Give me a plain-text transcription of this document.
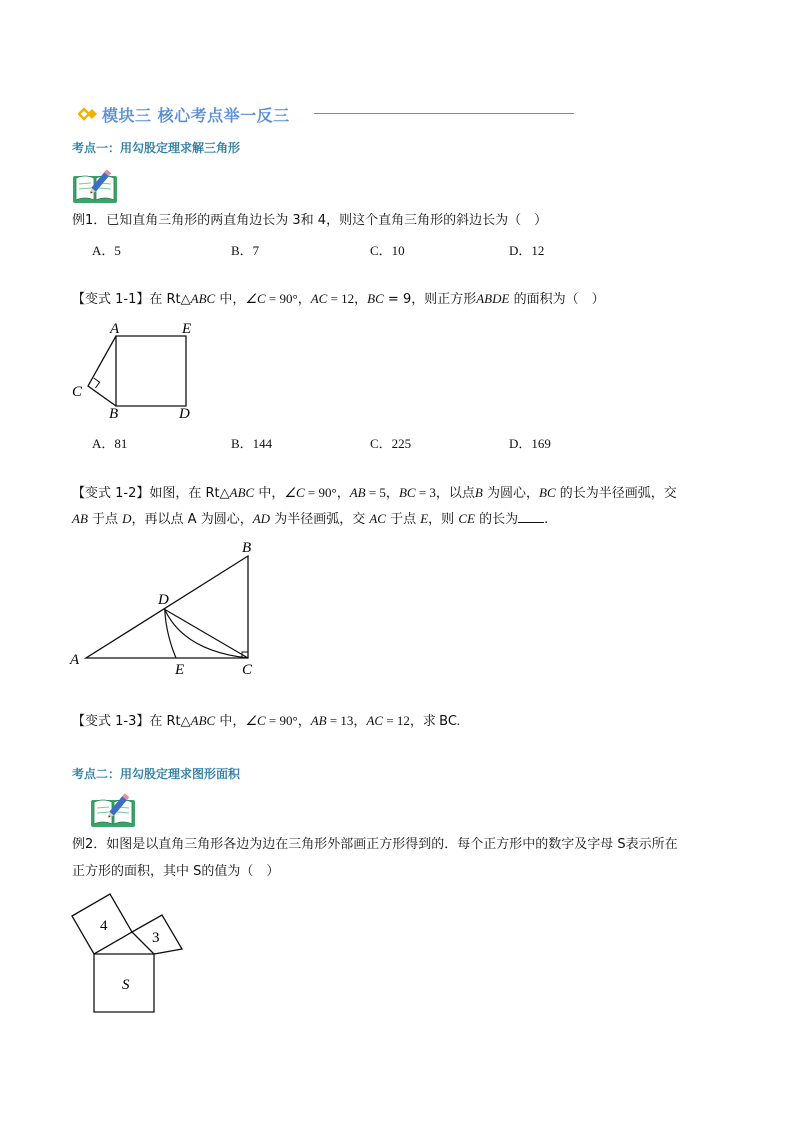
模块三 核心考点举一反三
考点一：用勾股定理求解三角形
例1．已知直角三角形的两直角边长为 3和 4，则这个直角三角形的斜边长为（　）
A．5	B．7	C．10	D．12
【变式 1-1】在 Rt△ABC 中，∠C = 90°，AC = 12，BC = 9，则正方形ABDE 的面积为（　）
A	E
C
B	D
A．81	B．144	C．225	D．169
【变式 1-2】如图，在 Rt△ABC 中，∠C = 90°，AB = 5，BC = 3，以点B 为圆心，BC 的长为半径画弧，交
AB 于点 D，再以点 A 为圆心，AD 为半径画弧，交 AC 于点 E，则 CE 的长为 .
B
D
A
E	C
【变式 1-3】在 Rt△ABC 中，∠C = 90°，AB = 13，AC = 12，求 BC.
考点二：用勾股定理求图形面积
例2．如图是以直角三角形各边为边在三角形外部画正方形得到的．每个正方形中的数字及字母 S表示所在
正方形的面积，其中 S的值为（　）
4
3
S
